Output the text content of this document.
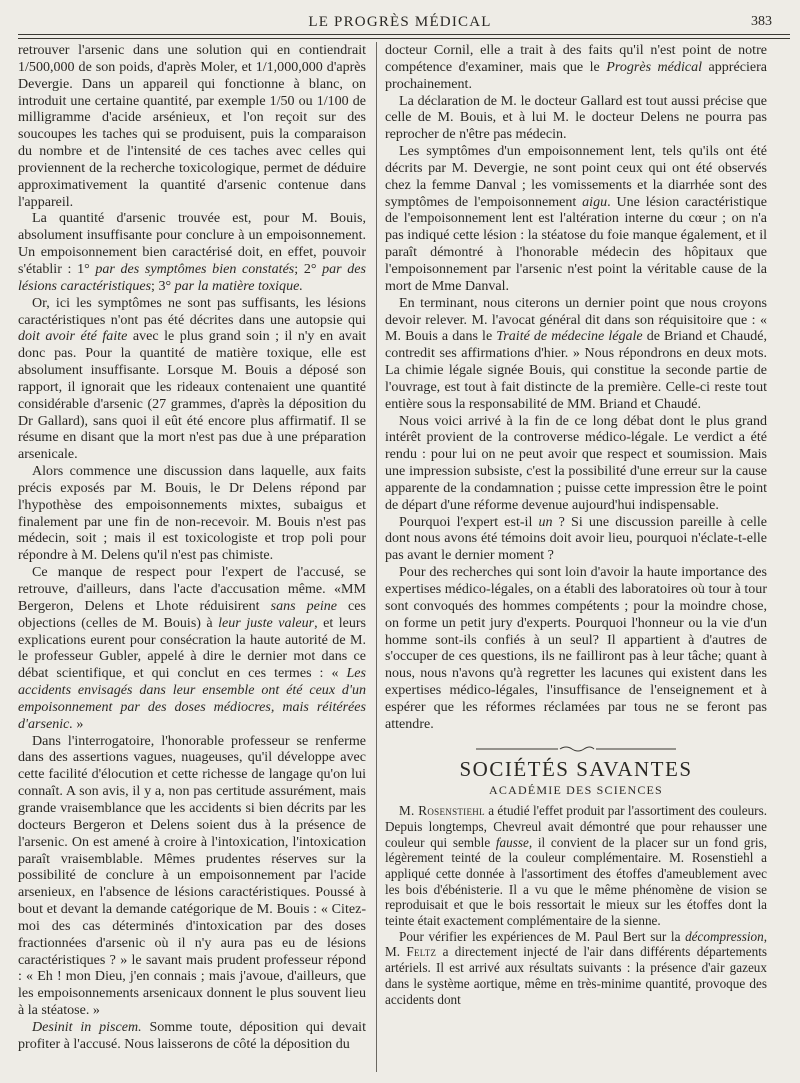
LE PROGRÈS MÉDICAL	383

retrouver l'arsenic dans une solution qui en contiendrait 1/500,000 de son poids, d'après Moler, et 1/1,000,000 d'après Devergie. Dans un appareil qui fonctionne à blanc, on introduit une certaine quantité, par exemple 1/50 ou 1/100 de milligramme d'acide arsénieux, et l'on reçoit sur des soucoupes les taches qui se produisent, puis la comparaison du nombre et de l'intensité de ces taches avec celles qui proviennent de la recherche toxicologique, permet de déduire approximativement la quantité d'arsenic contenue dans l'appareil.

La quantité d'arsenic trouvée est, pour M. Bouis, absolument insuffisante pour conclure à un empoisonnement. Un empoisonnement bien caractérisé doit, en effet, pouvoir s'établir : 1° par des symptômes bien constatés; 2° par des lésions caractéristiques; 3° par la matière toxique.

Or, ici les symptômes ne sont pas suffisants, les lésions caractéristiques n'ont pas été décrites dans une autopsie qui doit avoir été faite avec le plus grand soin ; il n'y en avait donc pas. Pour la quantité de matière toxique, elle est absolument insuffisante. Lorsque M. Bouis a déposé son rapport, il ignorait que les rideaux contenaient une quantité considérable d'arsenic (27 grammes, d'après la déposition du Dr Gallard), sans quoi il eût été encore plus affirmatif. Il se résume en disant que la mort n'est pas due à une préparation arsenicale.

Alors commence une discussion dans laquelle, aux faits précis exposés par M. Bouis, le Dr Delens répond par l'hypothèse des empoisonnements mixtes, subaigus et finalement par une fin de non-recevoir. M. Bouis n'est pas médecin, soit ; mais il est toxicologiste et trop poli pour répondre à M. Delens qu'il n'est pas chimiste.

Ce manque de respect pour l'expert de l'accusé, se retrouve, d'ailleurs, dans l'acte d'accusation même. «MM Bergeron, Delens et Lhote réduisirent sans peine ces objections (celles de M. Bouis) à leur juste valeur, et leurs explications eurent pour consécration la haute autorité de M. le professeur Gubler, appelé à dire le dernier mot dans ce débat scientifique, et qui conclut en ces termes : « Les accidents envisagés dans leur ensemble ont été ceux d'un empoisonnement par des doses médiocres, mais réitérées d'arsenic. »

Dans l'interrogatoire, l'honorable professeur se renferme dans des assertions vagues, nuageuses, qu'il développe avec cette facilité d'élocution et cette richesse de langage qu'on lui connaît. A son avis, il y a, non pas certitude assurément, mais grande vraisemblance que les accidents si bien décrits par les docteurs Bergeron et Delens soient dus à la présence de l'arsenic. On est amené à croire à l'intoxication, l'intoxication paraît vraisemblable. Mêmes prudentes réserves sur la possibilité de conclure à un empoisonnement par l'acide arsenieux, en l'absence de lésions caractéristiques. Poussé à bout et devant la demande catégorique de M. Bouis : « Citez-moi des cas déterminés d'intoxication par des doses fractionnées d'arsenic où il n'y aura pas eu de lésions caractéristiques ? » le savant mais prudent professeur répond : « Eh ! mon Dieu, j'en connais ; mais j'avoue, d'ailleurs, que les empoisonnements arsenicaux donnent le plus souvent lieu à la stéatose. »

Desinit in piscem. Somme toute, déposition qui devait profiter à l'accusé. Nous laisserons de côté la déposition du

docteur Cornil, elle a trait à des faits qu'il n'est point de notre compétence d'examiner, mais que le Progrès médical appréciera prochainement.

La déclaration de M. le docteur Gallard est tout aussi précise que celle de M. Bouis, et à lui M. le docteur Delens ne pourra pas reprocher de n'être pas médecin.

Les symptômes d'un empoisonnement lent, tels qu'ils ont été décrits par M. Devergie, ne sont point ceux qui ont été observés chez la femme Danval ; les vomissements et la diarrhée sont des symptômes de l'empoisonnement aigu. Une lésion caractéristique de l'empoisonnement lent est l'altération interne du cœur ; on n'a pas indiqué cette lésion : la stéatose du foie manque également, et il paraît démontré à l'honorable médecin des hôpitaux que l'empoisonnement par l'arsenic n'est point la véritable cause de la mort de Mme Danval.

En terminant, nous citerons un dernier point que nous croyons devoir relever. M. l'avocat général dit dans son réquisitoire que : « M. Bouis a dans le Traité de médecine légale de Briand et Chaudé, contredit ses affirmations d'hier. » Nous répondrons en deux mots. La chimie légale signée Bouis, qui constitue la seconde partie de l'ouvrage, est tout à fait distincte de la première. Celle-ci reste tout entière sous la responsabilité de MM. Briand et Chaudé.

Nous voici arrivé à la fin de ce long débat dont le plus grand intérêt provient de la controverse médico-légale. Le verdict a été rendu : pour lui on ne peut avoir que respect et soumission. Mais une impression subsiste, c'est la possibilité d'une erreur sur la cause apparente de la condamnation ; puisse cette impression être le point de départ d'une réforme devenue aujourd'hui indispensable.

Pourquoi l'expert est-il un ? Si une discussion pareille à celle dont nous avons été témoins doit avoir lieu, pourquoi n'éclate-t-elle pas avant le dernier moment ?

Pour des recherches qui sont loin d'avoir la haute importance des expertises médico-légales, on a établi des laboratoires où tour à tour sont convoqués des hommes compétents ; pour la moindre chose, on forme un petit jury d'experts. Pourquoi l'honneur ou la vie d'un homme sont-ils confiés à un seul? Il appartient à d'autres de s'occuper de ces questions, ils ne failliront pas à leur tâche; quant à nous, nous n'avons qu'à regretter les lacunes qui existent dans les expertises médico-légales, l'insuffisance de l'enseignement et à espérer que les réformes réclamées par tous ne se feront pas attendre.

SOCIÉTÉS SAVANTES
ACADÉMIE DES SCIENCES

M. Rosenstiehl a étudié l'effet produit par l'assortiment des couleurs. Depuis longtemps, Chevreul avait démontré que pour rehausser une couleur qui semble fausse, il convient de la placer sur un fond gris, légèrement teinté de la couleur complémentaire. M. Rosenstiehl a appliqué cette donnée à l'assortiment des étoffes d'ameublement avec les bois d'ébénisterie. Il a vu que le même phénomène de vision se reproduisait et que le bois ressortait le mieux sur les étoffes dont la teinte était exactement complémentaire de la sienne.

Pour vérifier les expériences de M. Paul Bert sur la décompression, M. Feltz a directement injecté de l'air dans différents départements artériels. Il est arrivé aux résultats suivants : la présence d'air gazeux dans le système aortique, même en très-minime quantité, provoque des accidents dont
